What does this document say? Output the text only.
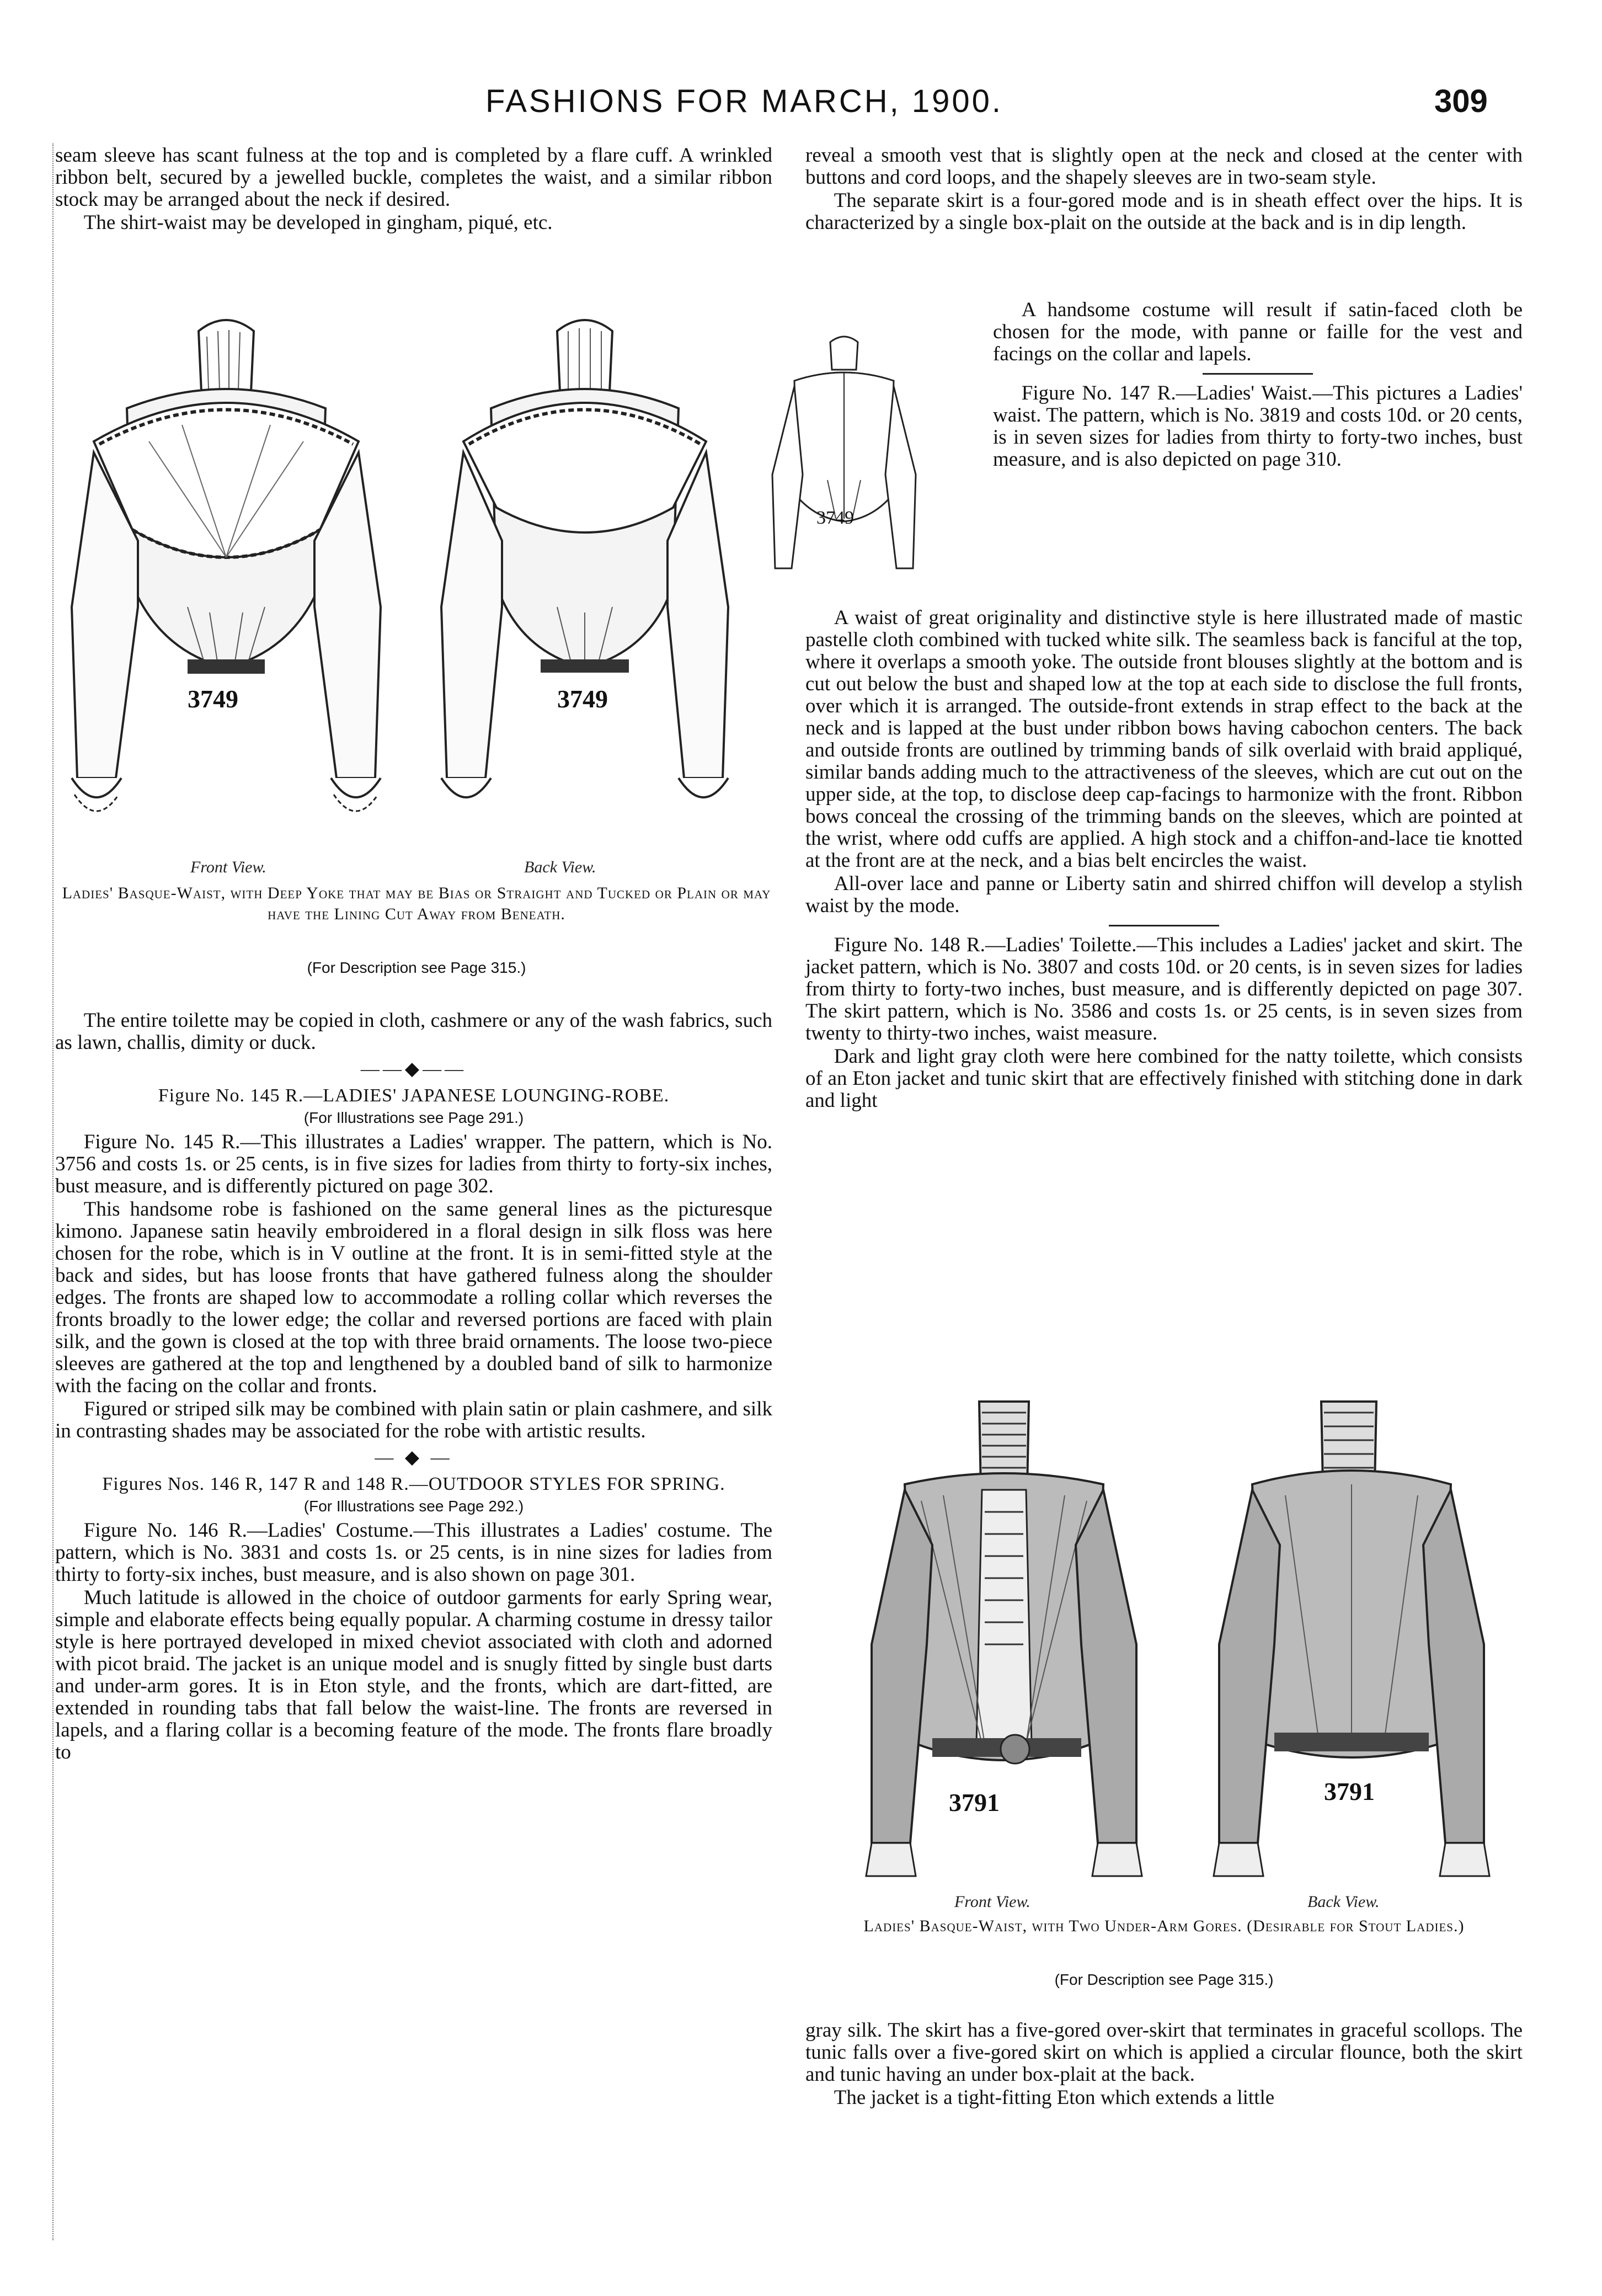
FASHIONS FOR MARCH, 1900.	309
3749	3749
3749
Front View.	Back View.
Ladies' Basque-Waist, with Deep Yoke that may be Bias or Straight and Tucked or Plain or may have the Lining Cut Away from Beneath.
(For Description see Page 315.)

seam sleeve has scant fulness at the top and is completed by a flare cuff. A wrinkled ribbon belt, secured by a jewelled buckle, completes the waist, and a similar ribbon stock may be arranged about the neck if desired.

The shirt-waist may be developed in gingham, piqué, etc.

The entire toilette may be copied in cloth, cashmere or any of the wash fabrics, such as lawn, challis, dimity or duck.

——◆——
Figure No. 145 R.—LADIES' JAPANESE LOUNGING-ROBE.
(For Illustrations see Page 291.)

Figure No. 145 R.—This illustrates a Ladies' wrapper. The pattern, which is No. 3756 and costs 1s. or 25 cents, is in five sizes for ladies from thirty to forty-six inches, bust measure, and is differently pictured on page 302.

This handsome robe is fashioned on the same general lines as the picturesque kimono. Japanese satin heavily embroidered in a floral design in silk floss was here chosen for the robe, which is in V outline at the front. It is in semi-fitted style at the back and sides, but has loose fronts that have gathered fulness along the shoulder edges. The fronts are shaped low to accommodate a rolling collar which reverses the fronts broadly to the lower edge; the collar and reversed portions are faced with plain silk, and the gown is closed at the top with three braid ornaments. The loose two-piece sleeves are gathered at the top and lengthened by a doubled band of silk to harmonize with the facing on the collar and fronts.

Figured or striped silk may be combined with plain satin or plain cashmere, and silk in contrasting shades may be associated for the robe with artistic results.

— ◆ —
Figures Nos. 146 R, 147 R and 148 R.—OUTDOOR STYLES FOR SPRING.
(For Illustrations see Page 292.)

Figure No. 146 R.—Ladies' Costume.—This illustrates a Ladies' costume. The pattern, which is No. 3831 and costs 1s. or 25 cents, is in nine sizes for ladies from thirty to forty-six inches, bust measure, and is also shown on page 301.

Much latitude is allowed in the choice of outdoor garments for early Spring wear, simple and elaborate effects being equally popular. A charming costume in dressy tailor style is here portrayed developed in mixed cheviot associated with cloth and adorned with picot braid. The jacket is an unique model and is snugly fitted by single bust darts and under-arm gores. It is in Eton style, and the fronts, which are dart-fitted, are extended in rounding tabs that fall below the waist-line. The fronts are reversed in lapels, and a flaring collar is a becoming feature of the mode. The fronts flare broadly to

reveal a smooth vest that is slightly open at the neck and closed at the center with buttons and cord loops, and the shapely sleeves are in two-seam style.

The separate skirt is a four-gored mode and is in sheath effect over the hips. It is characterized by a single box-plait on the outside at the back and is in dip length.

A handsome costume will result if satin-faced cloth be chosen for the mode, with panne or faille for the vest and facings on the collar and lapels.

Figure No. 147 R.—Ladies' Waist.—This pictures a Ladies' waist. The pattern, which is No. 3819 and costs 10d. or 20 cents, is in seven sizes for ladies from thirty to forty-two inches, bust measure, and is also depicted on page 310.

A waist of great originality and distinctive style is here illustrated made of mastic pastelle cloth combined with tucked white silk. The seamless back is fanciful at the top, where it overlaps a smooth yoke. The outside front blouses slightly at the bottom and is cut out below the bust and shaped low at the top at each side to disclose the full fronts, over which it is arranged. The outside-front extends in strap effect to the back at the neck and is lapped at the bust under ribbon bows having cabochon centers. The back and outside fronts are outlined by trimming bands of silk overlaid with braid appliqué, similar bands adding much to the attractiveness of the sleeves, which are cut out on the upper side, at the top, to disclose deep cap-facings to harmonize with the front. Ribbon bows conceal the crossing of the trimming bands on the sleeves, which are pointed at the wrist, where odd cuffs are applied. A high stock and a chiffon-and-lace tie knotted at the front are at the neck, and a bias belt encircles the waist.

All-over lace and panne or Liberty satin and shirred chiffon will develop a stylish waist by the mode.

Figure No. 148 R.—Ladies' Toilette.—This includes a Ladies' jacket and skirt. The jacket pattern, which is No. 3807 and costs 10d. or 20 cents, is in seven sizes for ladies from thirty to forty-two inches, bust measure, and is differently depicted on page 307. The skirt pattern, which is No. 3586 and costs 1s. or 25 cents, is in seven sizes from twenty to thirty-two inches, waist measure.

Dark and light gray cloth were here combined for the natty toilette, which consists of an Eton jacket and tunic skirt that are effectively finished with stitching done in dark and light

3791	3791
Front View.	Back View.
Ladies' Basque-Waist, with Two Under-Arm Gores. (Desirable for Stout Ladies.)
(For Description see Page 315.)

gray silk. The skirt has a five-gored over-skirt that terminates in graceful scollops. The tunic falls over a five-gored skirt on which is applied a circular flounce, both the skirt and tunic having an under box-plait at the back.

The jacket is a tight-fitting Eton which extends a little
